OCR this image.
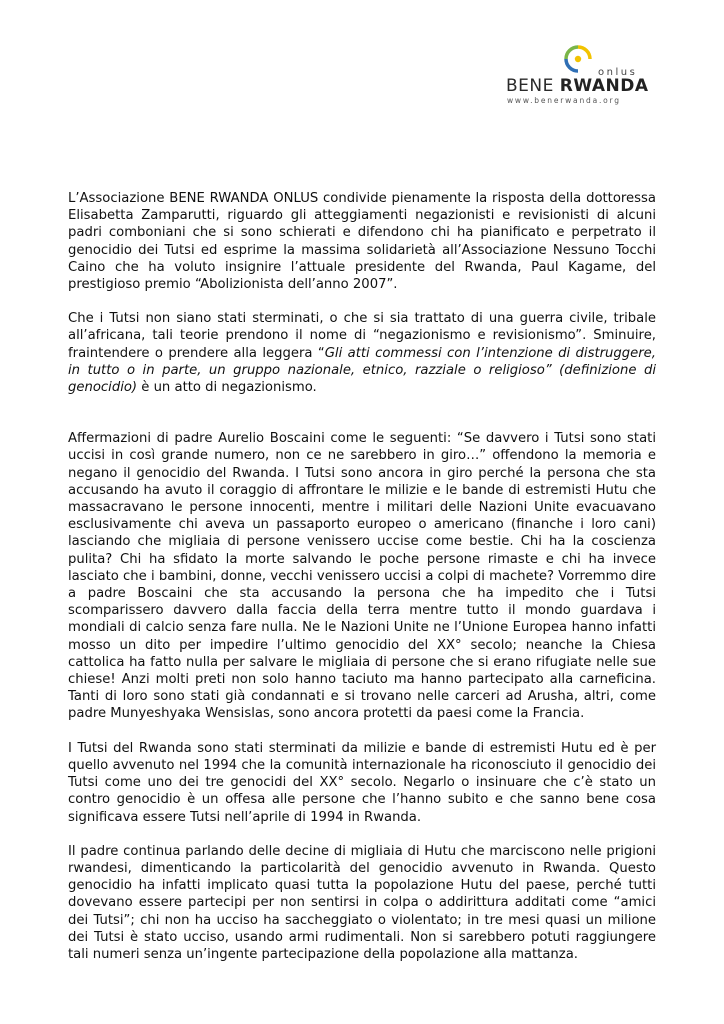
onlus
BENE RWANDA
www.benerwanda.org

L’Associazione BENE RWANDA ONLUS condivide pienamente la risposta della dottoressa Elisabetta Zamparutti, riguardo gli atteggiamenti negazionisti e revisionisti di alcuni padri comboniani che si sono schierati e difendono chi ha pianificato e perpetrato il genocidio dei Tutsi ed esprime la massima solidarietà all’Associazione Nessuno Tocchi Caino che ha voluto insignire l’attuale presidente del Rwanda, Paul Kagame, del prestigioso premio “Abolizionista dell’anno 2007”.

Che i Tutsi non siano stati sterminati, o che si sia trattato di una guerra civile, tribale all’africana, tali teorie prendono il nome di “negazionismo e revisionismo”. Sminuire, fraintendere o prendere alla leggera “Gli atti commessi con l’intenzione di distruggere, in tutto o in parte, un gruppo nazionale, etnico, razziale o religioso” (definizione di genocidio) è un atto di negazionismo.

Affermazioni di padre Aurelio Boscaini come le seguenti: “Se davvero i Tutsi sono stati uccisi in così grande numero, non ce ne sarebbero in giro…” offendono la memoria e negano il genocidio del Rwanda. I Tutsi sono ancora in giro perché la persona che sta accusando ha avuto il coraggio di affrontare le milizie e le bande di estremisti Hutu che massacravano le persone innocenti, mentre i militari delle Nazioni Unite evacuavano esclusivamente chi aveva un passaporto europeo o americano (financhе i loro cani) lasciando che migliaia di persone venissero uccise come bestie. Chi ha la coscienza pulita? Chi ha sfidato la morte salvando le poche persone rimaste e chi ha invece lasciato che i bambini, donne, vecchi venissero uccisi a colpi di machete? Vorremmo dire a padre Boscaini che sta accusando la persona che ha impedito che i Tutsi scomparissero davvero dalla faccia della terra mentre tutto il mondo guardava i mondiali di calcio senza fare nulla. Ne le Nazioni Unite ne l’Unione Europea hanno infatti mosso un dito per impedire l’ultimo genocidio del XX° secolo; neanche la Chiesa cattolica ha fatto nulla per salvare le migliaia di persone che si erano rifugiate nelle sue chiese! Anzi molti preti non solo hanno taciuto ma hanno partecipato alla carneficina. Tanti di loro sono stati già condannati e si trovano nelle carceri ad Arusha, altri, come padre Munyeshyaka Wensislas, sono ancora protetti da paesi come la Francia.

I Tutsi del Rwanda sono stati sterminati da milizie e bande di estremisti Hutu ed è per quello avvenuto nel 1994 che la comunità internazionale ha riconosciuto il genocidio dei Tutsi come uno dei tre genocidi del XX° secolo. Negarlo o insinuare che c’è stato un contro genocidio è un offesa alle persone che l’hanno subito e che sanno bene cosa significava essere Tutsi nell’aprile di 1994 in Rwanda.

Il padre continua parlando delle decine di migliaia di Hutu che marciscono nelle prigioni rwandesi, dimenticando la particolarità del genocidio avvenuto in Rwanda. Questo genocidio ha infatti implicato quasi tutta la popolazione Hutu del paese, perché tutti dovevano essere partecipi per non sentirsi in colpa o addirittura additati come “amici dei Tutsi”; chi non ha ucciso ha saccheggiato o violentato; in tre mesi quasi un milione dei Tutsi è stato ucciso, usando armi rudimentali. Non si sarebbero potuti raggiungere tali numeri senza un’ingente partecipazione della popolazione alla mattanza.
